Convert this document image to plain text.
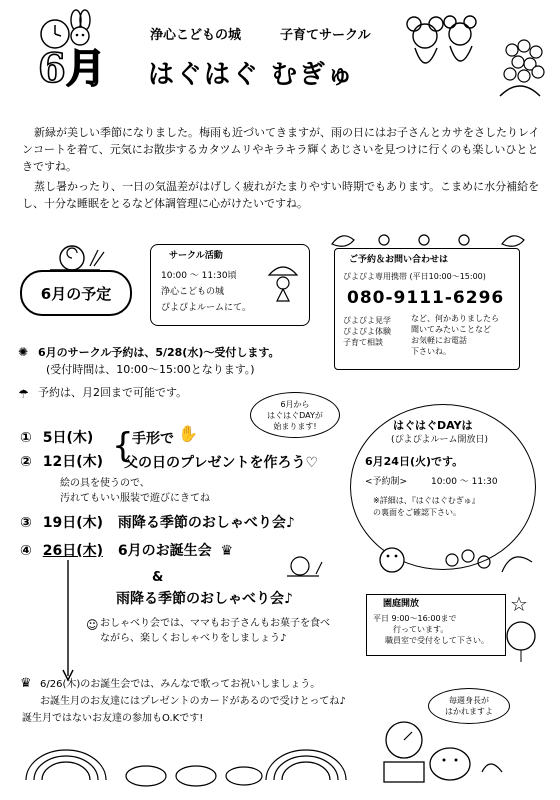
6月
浄心こどもの城	子育てサークル
はぐはぐ むぎゅ

新緑が美しい季節になりました。梅雨も近づいてきますが、雨の日にはお子さんとカサをさしたりレインコートを着て、元気にお散歩するカタツムリやキラキラ輝くあじさいを見つけに行くのも楽しいひとときですね。

蒸し暑かったり、一日の気温差がはげしく疲れがたまりやすい時期でもあります。こまめに水分補給をし、十分な睡眠をとるなど体調管理に心がけたいですね。

6月の予定
サークル活動
10:00 ～ 11:30頃
浄心こどもの城
ぴよぴよルームにて。
ご予約＆お問い合わせは
ぴよぴよ専用携帯 (平日10:00～15:00)
080-9111-6296
ぴよぴよ見学
ぴよぴよ体験
子育て相談
など、何かありましたら
聞いてみたいことなど
お気軽にお電話
下さいね。
6月のサークル予約は、5/28(水)～受付します。
(受付時間は、10:00～15:00となります。)
予約は、月2回まで可能です。
✺
☂
6月から
はぐはぐDAYが
始まります!
① 5日(木)
② 12日(木) {
手形で ✋
父の日のプレゼントを作ろう♡
絵の具を使うので、
汚れてもいい服装で遊びにきてね
③ 19日(木) 雨降る季節のおしゃべり会♪
④ 26日(木) 6月のお誕生会 ♛
&
雨降る季節のおしゃべり会♪
☺ おしゃべり会では、ママもお子さんもお菓子を食べ
ながら、楽しくおしゃべりをしましょう♪
はぐはぐDAYは
(ぴよぴよルーム開放日)
6月24日(火)です。
<予約制>	10:00 ～ 11:30
※詳細は、『はぐはぐむぎゅ』
の裏面をご確認下さい。
園庭開放
平日 9:00～16:00まで
行っています。
職員室で受付をして下さい。
☆
♛ 6/26(木)のお誕生会では、みんなで歌ってお祝いしましょう。
お誕生月のお友達にはプレゼントのカードがあるので受けとってね♪
誕生月ではないお友達の参加もO.Kです!
毎週身長が
はかれますよ
